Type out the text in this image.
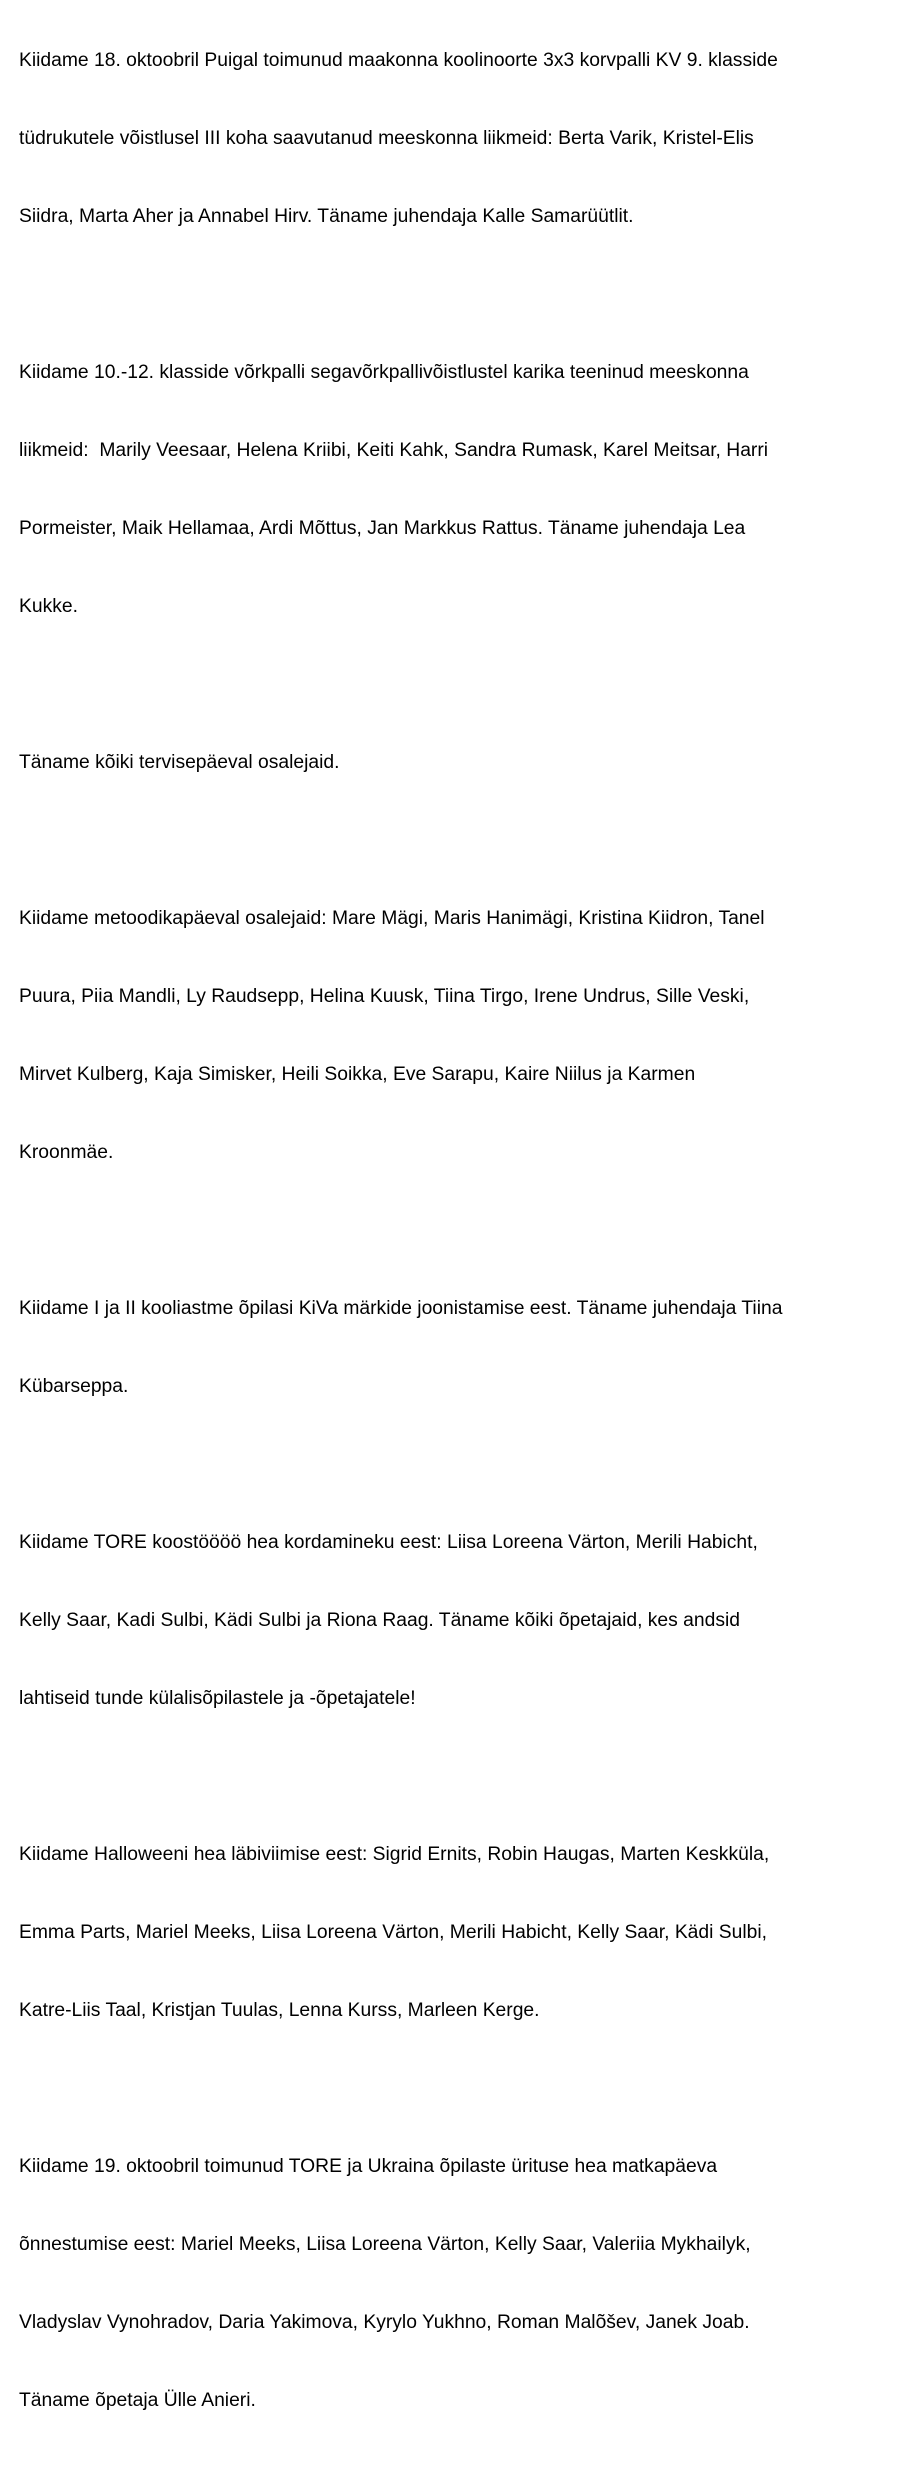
Kiidame 18. oktoobril Puigal toimunud maakonna koolinoorte 3x3 korvpalli KV 9. klasside

tüdrukutele võistlusel III koha saavutanud meeskonna liikmeid: Berta Varik, Kristel-Elis

Siidra, Marta Aher ja Annabel Hirv. Täname juhendaja Kalle Samarüütlit.

Kiidame 10.-12. klasside võrkpalli segavõrkpallivõistlustel karika teeninud meeskonna

liikmeid:  Marily Veesaar, Helena Kriibi, Keiti Kahk, Sandra Rumask, Karel Meitsar, Harri

Pormeister, Maik Hellamaa, Ardi Mõttus, Jan Markkus Rattus. Täname juhendaja Lea

Kukke.

Täname kõiki tervisepäeval osalejaid.

Kiidame metoodikapäeval osalejaid: Mare Mägi, Maris Hanimägi, Kristina Kiidron, Tanel

Puura, Piia Mandli, Ly Raudsepp, Helina Kuusk, Tiina Tirgo, Irene Undrus, Sille Veski,

Mirvet Kulberg, Kaja Simisker, Heili Soikka, Eve Sarapu, Kaire Niilus ja Karmen

Kroonmäe.

Kiidame I ja II kooliastme õpilasi KiVa märkide joonistamise eest. Täname juhendaja Tiina

Kübarseppa.

Kiidame TORE koostöööö hea kordamineku eest: Liisa Loreena Värton, Merili Habicht,

Kelly Saar, Kadi Sulbi, Kädi Sulbi ja Riona Raag. Täname kõiki õpetajaid, kes andsid

lahtiseid tunde külalisõpilastele ja -õpetajatele!

Kiidame Halloweeni hea läbiviimise eest: Sigrid Ernits, Robin Haugas, Marten Keskküla,

Emma Parts, Mariel Meeks, Liisa Loreena Värton, Merili Habicht, Kelly Saar, Kädi Sulbi,

Katre-Liis Taal, Kristjan Tuulas, Lenna Kurss, Marleen Kerge.

Kiidame 19. oktoobril toimunud TORE ja Ukraina õpilaste ürituse hea matkapäeva

õnnestumise eest: Mariel Meeks, Liisa Loreena Värton, Kelly Saar, Valeriia Mykhailyk,

Vladyslav Vynohradov, Daria Yakimova, Kyrylo Yukhno, Roman Malõšev, Janek Joab.

Täname õpetaja Ülle Anieri.
